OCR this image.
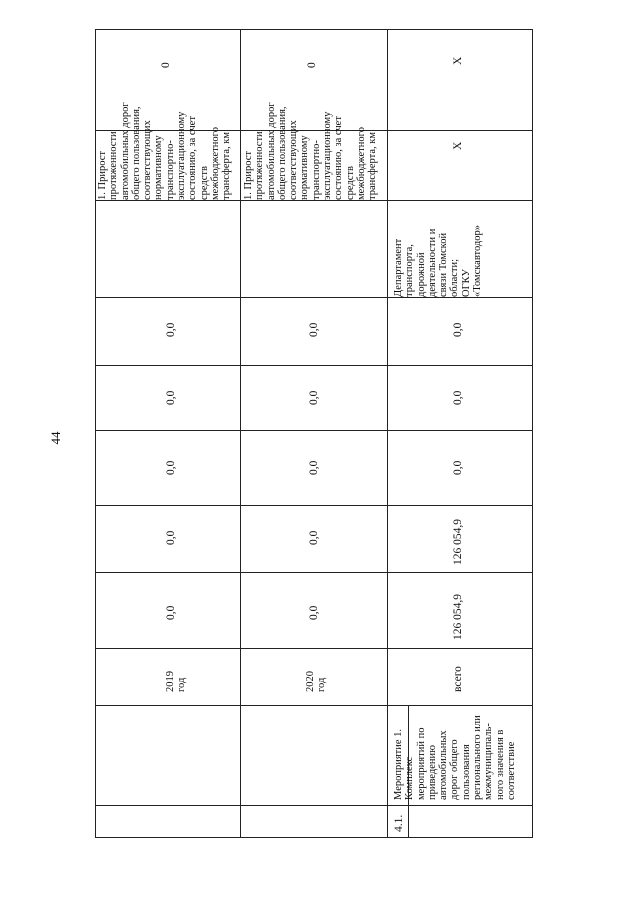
44
2019 год
0,0
0,0
0,0
0,0
0,0
1. Прирост протяженности автомобильных дорог общего пользования, соответствующих нормативному транспортно- эксплуатационному состоянию, за счет средств межбюджетного трансферта, км
0
2020 год
0,0
0,0
0,0
0,0
0,0
1. Прирост протяженности автомобильных дорог общего пользования, соответствующих нормативному транспортно- эксплуатационному состоянию, за счет средств межбюджетного трансферта, км
0
4.1.
Мероприятие 1. Комплекс мероприятий по приведению автомобильных дорог общего пользования регионального или межмуниципаль- ного значения в соответствие
всего
126 054,9
126 054,9
0,0
0,0
0,0
Департамент транспорта, дорожной деятельности и связи Томской области; ОГКУ «Томскавтодор»
X
X
